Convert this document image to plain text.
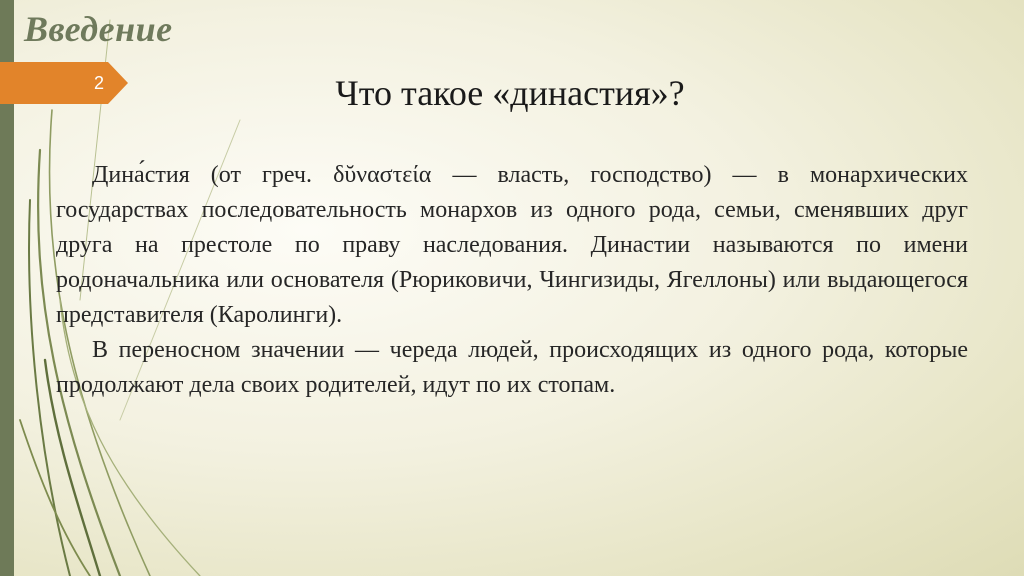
Введение
2	Что такое «династия»?

Дина́стия (от греч. δῠναστεία — власть, господство) — в монархических государствах последовательность монархов из одного рода, семьи, сменявших друг друга на престоле по праву наследования. Династии называются по имени родоначальника или основателя (Рюриковичи, Чингизиды, Ягеллоны) или выдающегося представителя (Каролинги).

В переносном значении — череда людей, происходящих из одного рода, которые продолжают дела своих родителей, идут по их стопам.
